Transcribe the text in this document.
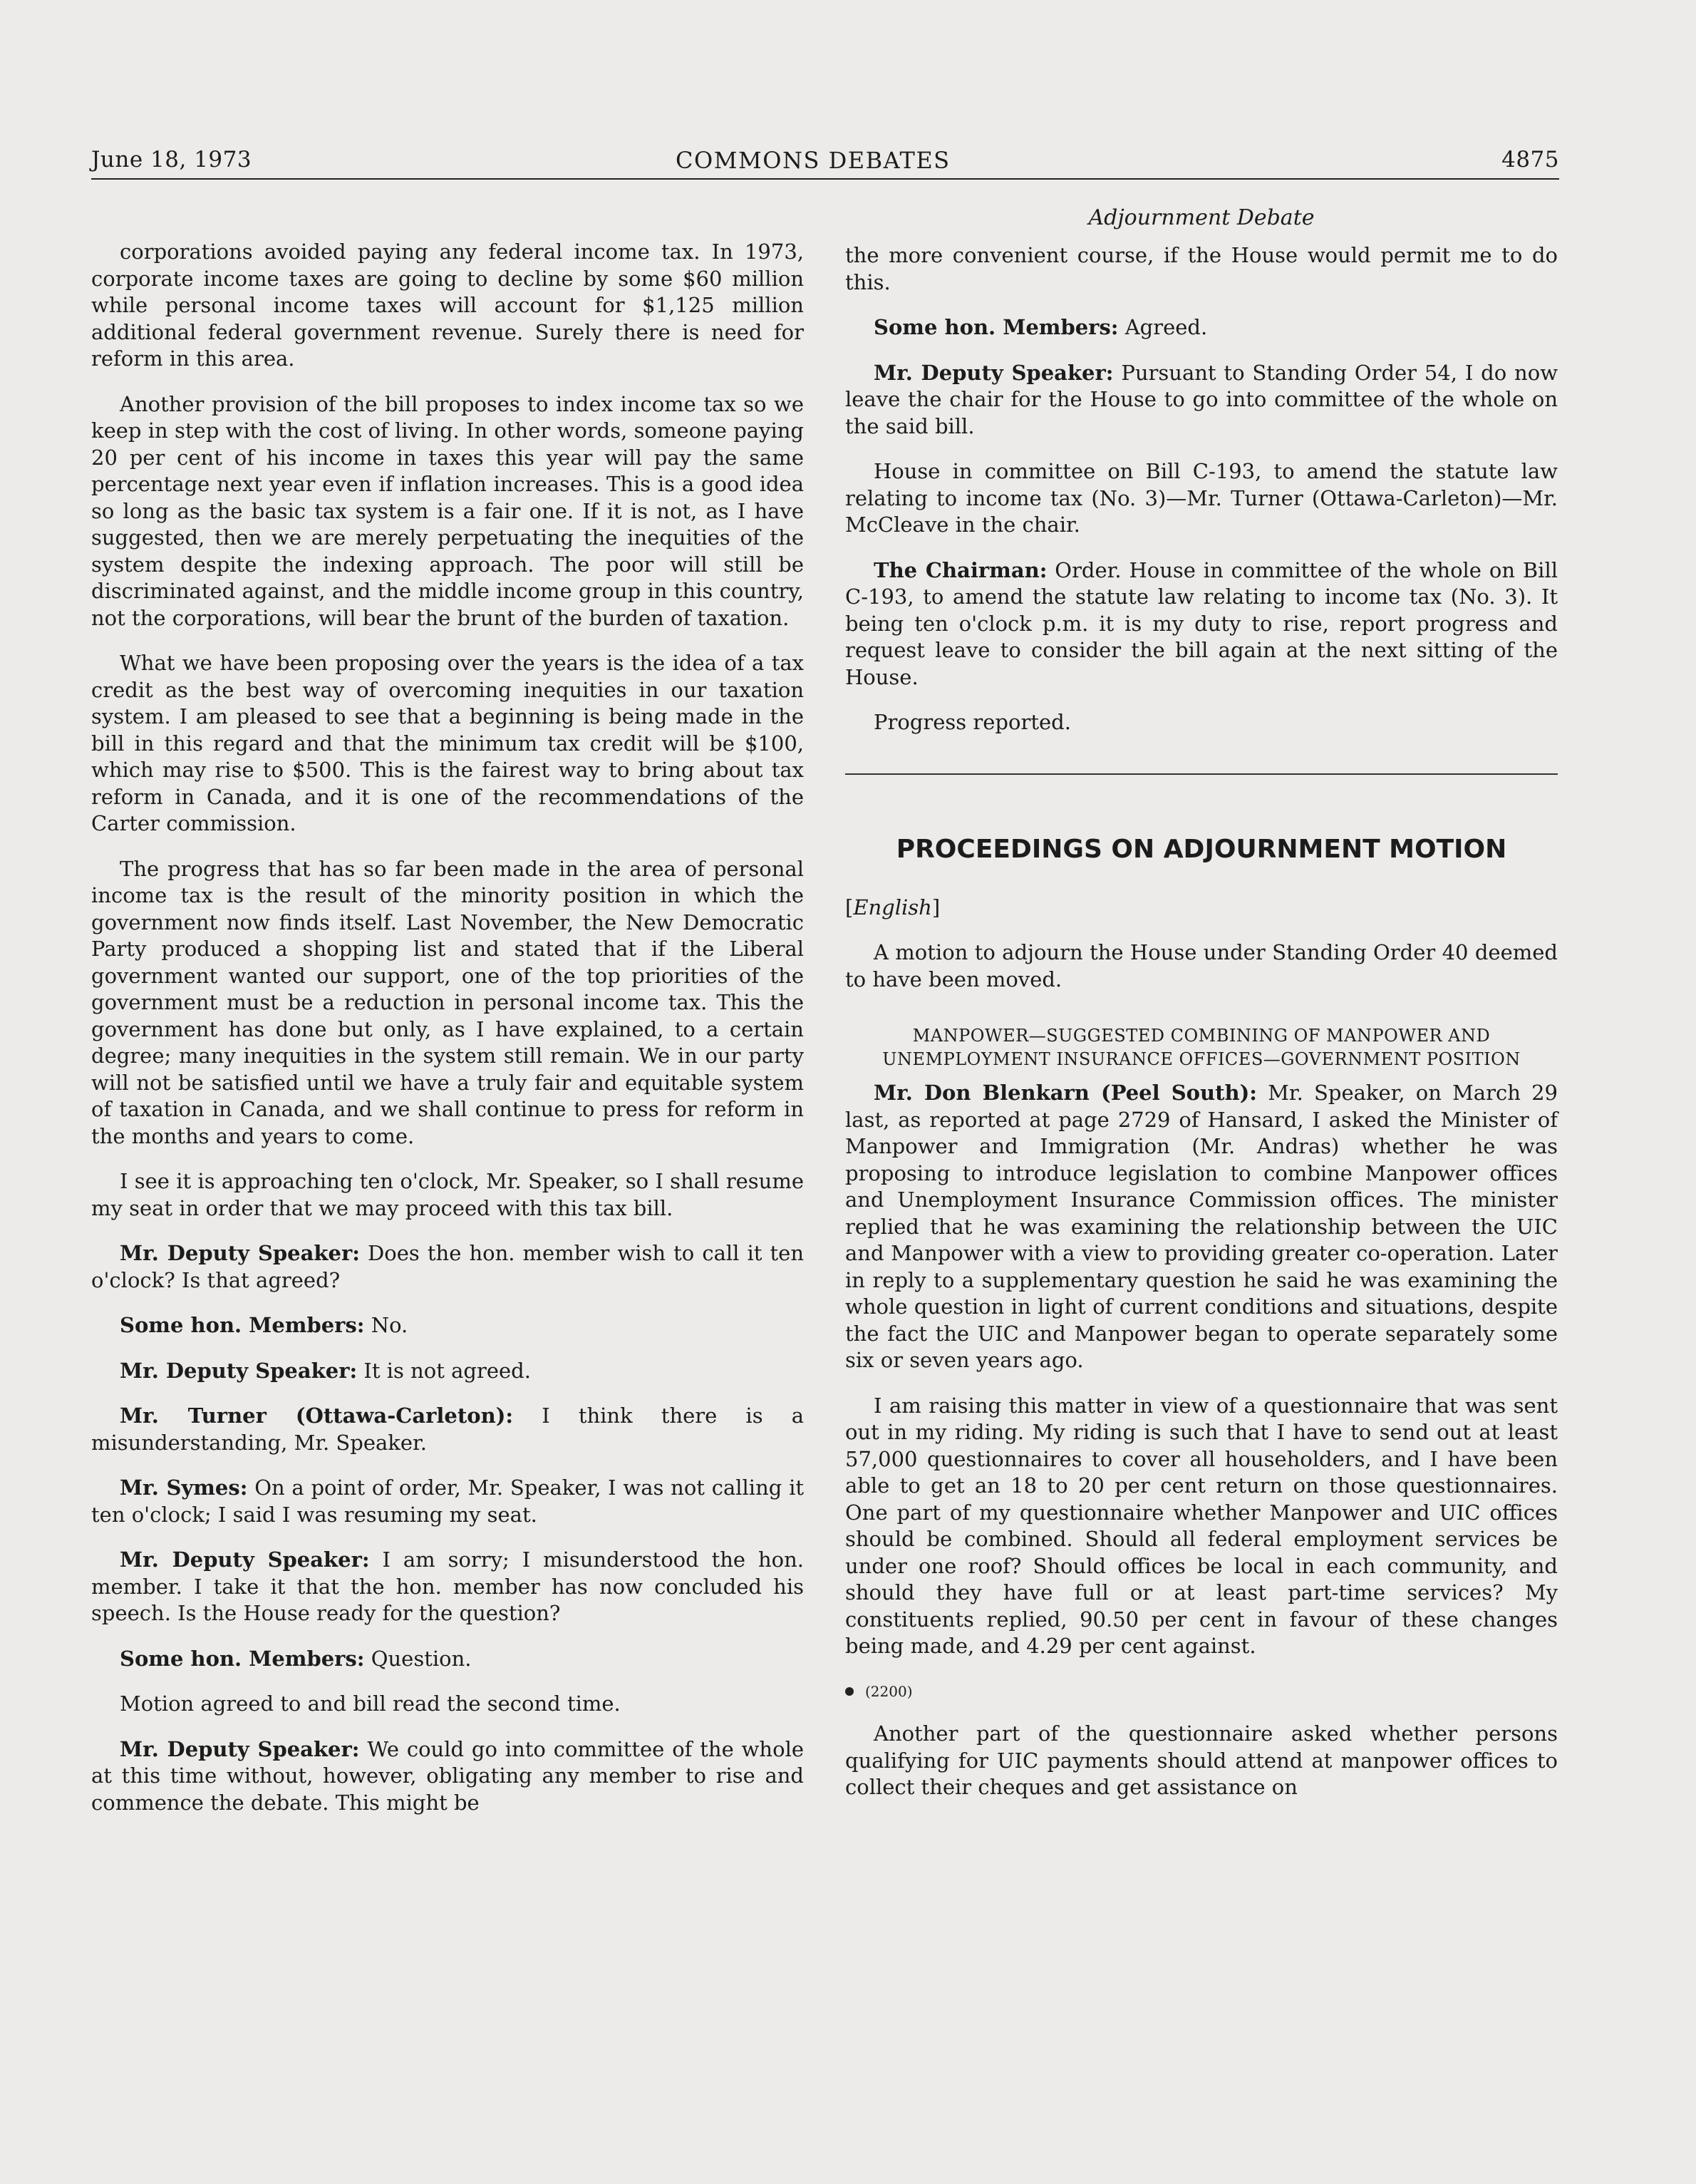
June 18, 1973	COMMONS DEBATES	4875
Adjournment Debate

corporations avoided paying any federal income tax. In 1973, corporate income taxes are going to decline by some $60 million while personal income taxes will account for $1,125 million additional federal government revenue. Surely there is need for reform in this area.

Another provision of the bill proposes to index income tax so we keep in step with the cost of living. In other words, someone paying 20 per cent of his income in taxes this year will pay the same percentage next year even if inflation increases. This is a good idea so long as the basic tax system is a fair one. If it is not, as I have suggested, then we are merely perpetuating the inequities of the system despite the indexing approach. The poor will still be discriminated against, and the middle income group in this country, not the corporations, will bear the brunt of the burden of taxation.

What we have been proposing over the years is the idea of a tax credit as the best way of overcoming inequities in our taxation system. I am pleased to see that a beginning is being made in the bill in this regard and that the minimum tax credit will be $100, which may rise to $500. This is the fairest way to bring about tax reform in Canada, and it is one of the recommendations of the Carter commission.

The progress that has so far been made in the area of personal income tax is the result of the minority position in which the government now finds itself. Last November, the New Democratic Party produced a shopping list and stated that if the Liberal government wanted our support, one of the top priorities of the government must be a reduction in personal income tax. This the government has done but only, as I have explained, to a certain degree; many inequities in the system still remain. We in our party will not be satisfied until we have a truly fair and equitable system of taxation in Canada, and we shall continue to press for reform in the months and years to come.

I see it is approaching ten o'clock, Mr. Speaker, so I shall resume my seat in order that we may proceed with this tax bill.

Mr. Deputy Speaker: Does the hon. member wish to call it ten o'clock? Is that agreed?

Some hon. Members: No.

Mr. Deputy Speaker: It is not agreed.

Mr. Turner (Ottawa-Carleton): I think there is a misunderstanding, Mr. Speaker.

Mr. Symes: On a point of order, Mr. Speaker, I was not calling it ten o'clock; I said I was resuming my seat.

Mr. Deputy Speaker: I am sorry; I misunderstood the hon. member. I take it that the hon. member has now concluded his speech. Is the House ready for the question?

Some hon. Members: Question.

Motion agreed to and bill read the second time.

Mr. Deputy Speaker: We could go into committee of the whole at this time without, however, obligating any member to rise and commence the debate. This might be

the more convenient course, if the House would permit me to do this.

Some hon. Members: Agreed.

Mr. Deputy Speaker: Pursuant to Standing Order 54, I do now leave the chair for the House to go into committee of the whole on the said bill.

House in committee on Bill C-193, to amend the statute law relating to income tax (No. 3)—Mr. Turner (Ottawa-Carleton)—Mr. McCleave in the chair.

The Chairman: Order. House in committee of the whole on Bill C-193, to amend the statute law relating to income tax (No. 3). It being ten o'clock p.m. it is my duty to rise, report progress and request leave to consider the bill again at the next sitting of the House.

Progress reported.

PROCEEDINGS ON ADJOURNMENT MOTION

[English]

A motion to adjourn the House under Standing Order 40 deemed to have been moved.

MANPOWER—SUGGESTED COMBINING OF MANPOWER AND UNEMPLOYMENT INSURANCE OFFICES—GOVERNMENT POSITION

Mr. Don Blenkarn (Peel South): Mr. Speaker, on March 29 last, as reported at page 2729 of Hansard, I asked the Minister of Manpower and Immigration (Mr. Andras) whether he was proposing to introduce legislation to combine Manpower offices and Unemployment Insurance Commission offices. The minister replied that he was examining the relationship between the UIC and Manpower with a view to providing greater co-operation. Later in reply to a supplementary question he said he was examining the whole question in light of current conditions and situations, despite the fact the UIC and Manpower began to operate separately some six or seven years ago.

I am raising this matter in view of a questionnaire that was sent out in my riding. My riding is such that I have to send out at least 57,000 questionnaires to cover all householders, and I have been able to get an 18 to 20 per cent return on those questionnaires. One part of my questionnaire whether Manpower and UIC offices should be combined. Should all federal employment services be under one roof? Should offices be local in each community, and should they have full or at least part-time services? My constituents replied, 90.50 per cent in favour of these changes being made, and 4.29 per cent against.

(2200)

Another part of the questionnaire asked whether persons qualifying for UIC payments should attend at manpower offices to collect their cheques and get assistance on
